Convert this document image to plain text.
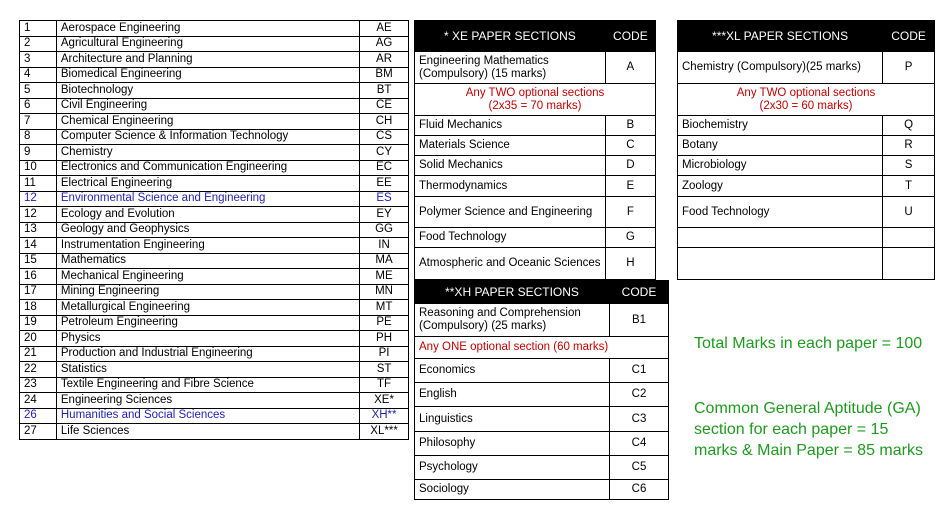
1	Aerospace Engineering	AE
2	Agricultural Engineering	AG
3	Architecture and Planning	AR
4	Biomedical Engineering	BM
5	Biotechnology	BT
6	Civil Engineering	CE
7	Chemical Engineering	CH
8	Computer Science & Information Technology	CS
9	Chemistry	CY
10	Electronics and Communication Engineering	EC
11	Electrical Engineering	EE
12	Environmental Science and Engineering	ES
12	Ecology and Evolution	EY
13	Geology and Geophysics	GG
14	Instrumentation Engineering	IN
15	Mathematics	MA
16	Mechanical Engineering	ME
17	Mining Engineering	MN
18	Metallurgical Engineering	MT
19	Petroleum Engineering	PE
20	Physics	PH
21	Production and Industrial Engineering	PI
22	Statistics	ST
23	Textile Engineering and Fibre Science	TF
24	Engineering Sciences	XE*
26	Humanities and Social Sciences	XH**
27	Life Sciences	XL***
* XE PAPER SECTIONS	CODE
Engineering Mathematics (Compulsory) (15 marks)	A
Any TWO optional sections
(2x35 = 70 marks)	
Fluid Mechanics	B
Materials Science	C
Solid Mechanics	D
Thermodynamics	E
Polymer Science and Engineering	F
Food Technology	G
Atmospheric and Oceanic Sciences	H
***XL PAPER SECTIONS	CODE
Chemistry (Compulsory)(25 marks)	P
Any TWO optional sections
(2x30 = 60 marks)	
Biochemistry	Q
Botany	R
Microbiology	S
Zoology	T
Food Technology	U

**XH PAPER SECTIONS	CODE
Reasoning and Comprehension (Compulsory) (25 marks)	B1
Any ONE optional section (60 marks)	
Economics	C1
English	C2
Linguistics	C3
Philosophy	C4
Psychology	C5
Sociology	C6
Total Marks in each paper = 100
Common General Aptitude (GA) section for each paper = 15 marks & Main Paper = 85 marks
